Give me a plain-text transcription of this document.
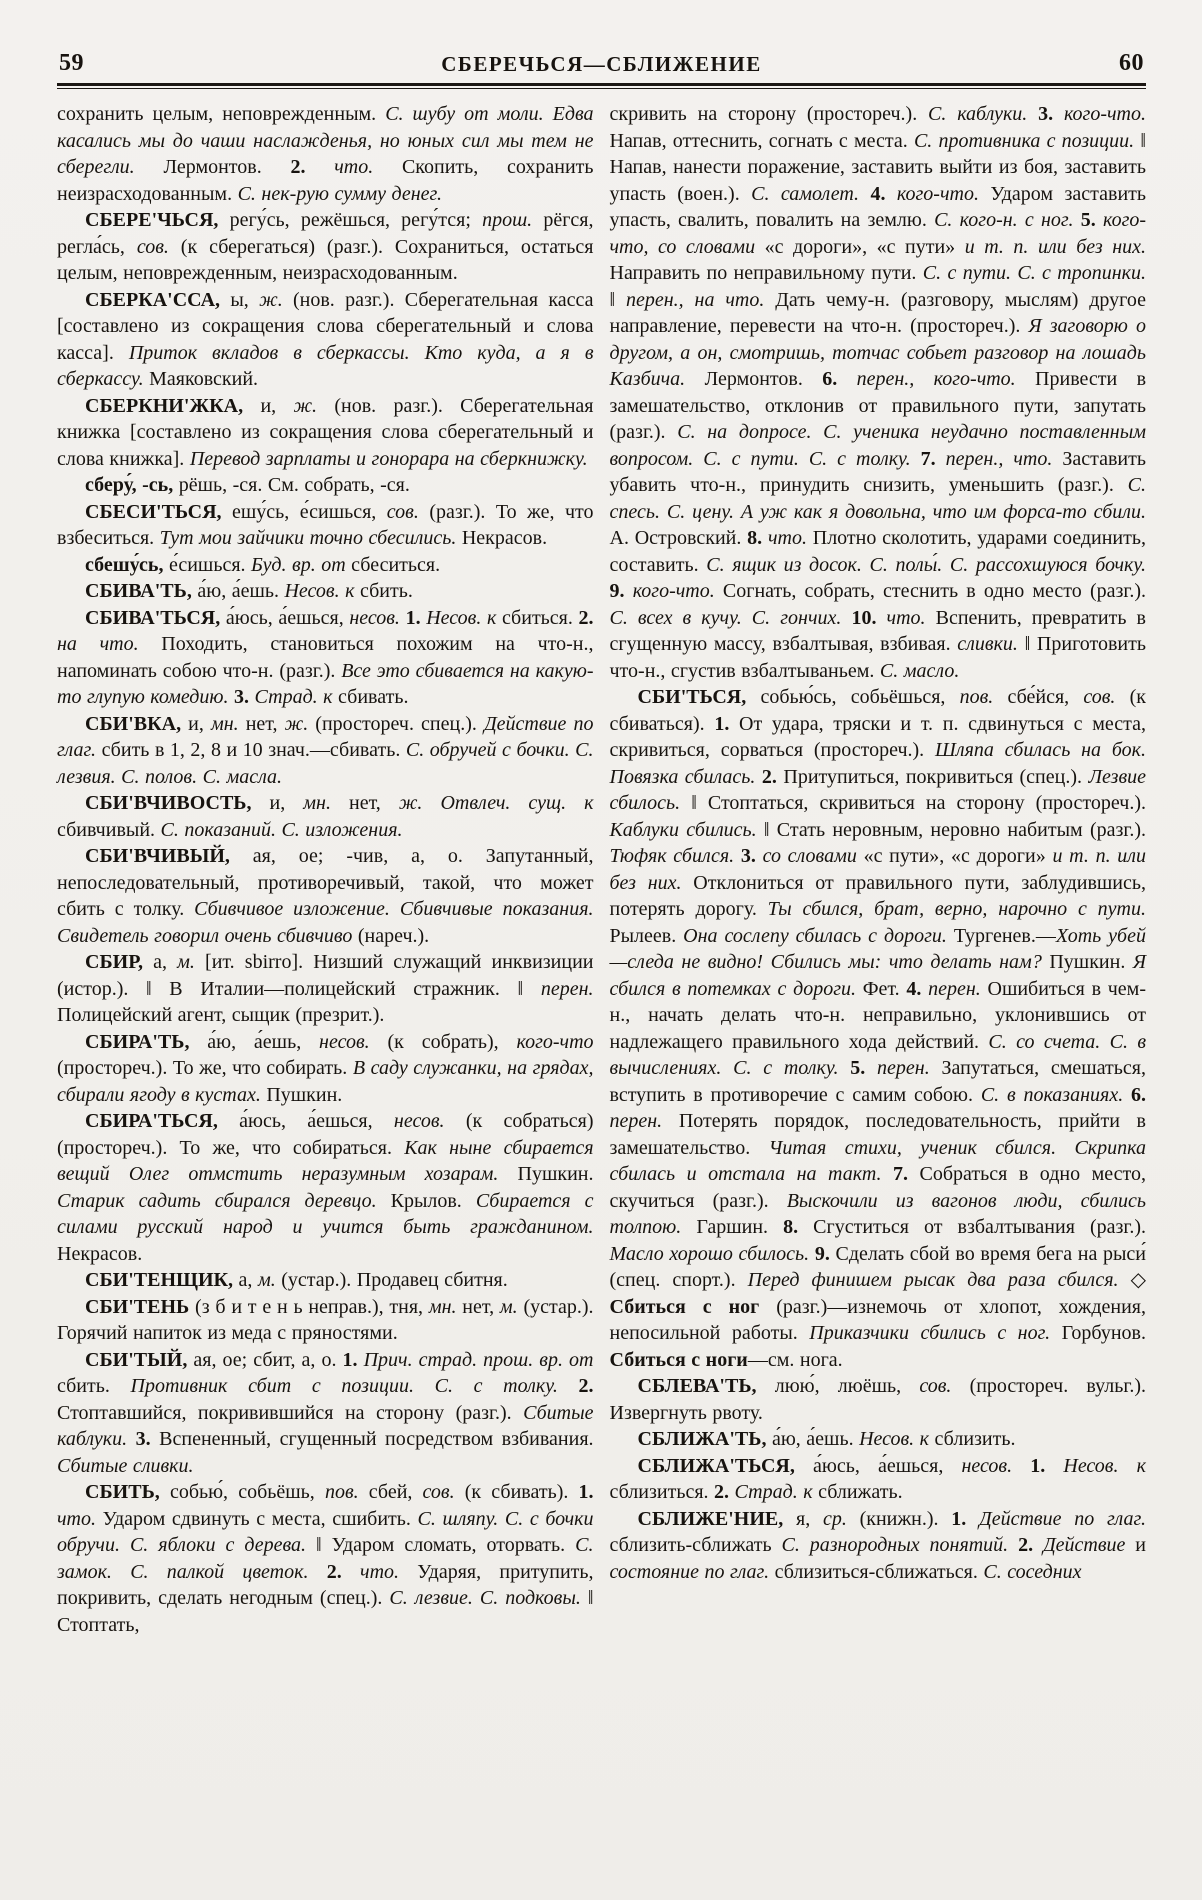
59	СБЕРЕЧЬСЯ—СБЛИЖЕНИЕ	60

сохранить целым, неповрежденным. С. шубу от моли. Едва касались мы до чаши наслажденья, но юных сил мы тем не сберегли. Лермонтов. 2. что. Скопить, сохранить неизрасходованным. С. нек-рую сумму денег.

СБЕРЕ'ЧЬСЯ, регу́сь, режёшься, регу́тся; прош. рёгся, регла́сь, сов. (к сберегаться) (разг.). Сохраниться, остаться целым, неповрежденным, неизрасходованным.

СБЕРКА'ССА, ы, ж. (нов. разг.). Сберегательная касса [составлено из сокращения слова сберегательный и слова касса]. Приток вкладов в сберкассы. Кто куда, а я в сберкассу. Маяковский.

СБЕРКНИ'ЖКА, и, ж. (нов. разг.). Сберегательная книжка [составлено из сокращения слова сберегательный и слова книжка]. Перевод зарплаты и гонорара на сберкнижку.

сберу́, -сь, рёшь, -ся. См. собрать, -ся.

СБЕСИ'ТЬСЯ, ешу́сь, е́сишься, сов. (разг.). То же, что взбеситься. Тут мои зайчики точно сбесились. Некрасов.

сбешу́сь, е́сишься. Буд. вр. от сбеситься.

СБИВА'ТЬ, а́ю, а́ешь. Несов. к сбить.

СБИВА'ТЬСЯ, а́юсь, а́ешься, несов. 1. Несов. к сбиться. 2. на что. Походить, становиться похожим на что-н., напоминать собою что-н. (разг.). Все это сбивается на какую-то глупую комедию. 3. Страд. к сбивать.

СБИ'ВКА, и, мн. нет, ж. (простореч. спец.). Действие по глаг. сбить в 1, 2, 8 и 10 знач.—сбивать. С. обручей с бочки. С. лезвия. С. полов. С. масла.

СБИ'ВЧИВОСТЬ, и, мн. нет, ж. Отвлеч. сущ. к сбивчивый. С. показаний. С. изложения.

СБИ'ВЧИВЫЙ, ая, ое; -чив, а, о. Запутанный, непоследовательный, противоречивый, такой, что может сбить с толку. Сбивчивое изложение. Сбивчивые показания. Свидетель говорил очень сбивчиво (нареч.).

СБИР, а, м. [ит. sbirro]. Низший служащий инквизиции (истор.). ‖ В Италии—полицейский стражник. ‖ перен. Полицейский агент, сыщик (презрит.).

СБИРА'ТЬ, а́ю, а́ешь, несов. (к собрать), кого-что (простореч.). То же, что собирать. В саду служанки, на грядах, сбирали ягоду в кустах. Пушкин.

СБИРА'ТЬСЯ, а́юсь, а́ешься, несов. (к собраться) (простореч.). То же, что собираться. Как ныне сбирается вещий Олег отмстить неразумным хозарам. Пушкин. Старик садить сбирался деревцо. Крылов. Сбирается с силами русский народ и учится быть гражданином. Некрасов.

СБИ'ТЕНЩИК, а, м. (устар.). Продавец сбитня.

СБИ'ТЕНЬ (з б и т е н ь неправ.), тня, мн. нет, м. (устар.). Горячий напиток из меда с пряностями.

СБИ'ТЫЙ, ая, ое; сбит, а, о. 1. Прич. страд. прош. вр. от сбить. Противник сбит с позиции. С. с толку. 2. Стоптавшийся, покривившийся на сторону (разг.). Сбитые каблуки. 3. Вспененный, сгущенный посредством взбивания. Сбитые сливки.

СБИТЬ, собью́, собьёшь, пов. сбей, сов. (к сбивать). 1. что. Ударом сдвинуть с места, сшибить. С. шляпу. С. с бочки обручи. С. яблоки с дерева. ‖ Ударом сломать, оторвать. С. замок. С. палкой цветок. 2. что. Ударяя, притупить, покривить, сделать негодным (спец.). С. лезвие. С. подковы. ‖ Стоптать,

скривить на сторону (простореч.). С. каблуки. 3. кого-что. Напав, оттеснить, согнать с места. С. противника с позиции. ‖ Напав, нанести поражение, заставить выйти из боя, заставить упасть (воен.). С. самолет. 4. кого-что. Ударом заставить упасть, свалить, повалить на землю. С. кого-н. с ног. 5. кого-что, со словами «с дороги», «с пути» и т. п. или без них. Направить по неправильному пути. С. с пути. С. с тропинки. ‖ перен., на что. Дать чему-н. (разговору, мыслям) другое направление, перевести на что-н. (простореч.). Я заговорю о другом, а он, смотришь, тотчас собьет разговор на лошадь Казбича. Лермонтов. 6. перен., кого-что. Привести в замешательство, отклонив от правильного пути, запутать (разг.). С. на допросе. С. ученика неудачно поставленным вопросом. С. с пути. С. с толку. 7. перен., что. Заставить убавить что-н., принудить снизить, уменьшить (разг.). С. спесь. С. цену. А уж как я довольна, что им форса-то сбили. А. Островский. 8. что. Плотно сколотить, ударами соединить, составить. С. ящик из досок. С. полы́. С. рассохшуюся бочку. 9. кого-что. Согнать, собрать, стеснить в одно место (разг.). С. всех в кучу. С. гончих. 10. что. Вспенить, превратить в сгущенную массу, взбалтывая, взбивая. сливки. ‖ Приготовить что-н., сгустив взбалтываньем. С. масло.

СБИ'ТЬСЯ, собью́сь, собьёшься, пов. сбе́йся, сов. (к сбиваться). 1. От удара, тряски и т. п. сдвинуться с места, скривиться, сорваться (простореч.). Шляпа сбилась на бок. Повязка сбилась. 2. Притупиться, покривиться (спец.). Лезвие сбилось. ‖ Стоптаться, скривиться на сторону (простореч.). Каблуки сбились. ‖ Стать неровным, неровно набитым (разг.). Тюфяк сбился. 3. со словами «с пути», «с дороги» и т. п. или без них. Отклониться от правильного пути, заблудившись, потерять дорогу. Ты сбился, брат, верно, нарочно с пути. Рылеев. Она сослепу сбилась с дороги. Тургенев.—Хоть убей—следа не видно! Сбились мы: что делать нам? Пушкин. Я сбился в потемках с дороги. Фет. 4. перен. Ошибиться в чем-н., начать делать что-н. неправильно, уклонившись от надлежащего правильного хода действий. С. со счета. С. в вычислениях. С. с толку. 5. перен. Запутаться, смешаться, вступить в противоречие с самим собою. С. в показаниях. 6. перен. Потерять порядок, последовательность, прийти в замешательство. Читая стихи, ученик сбился. Скрипка сбилась и отстала на такт. 7. Собраться в одно место, скучиться (разг.). Выскочили из вагонов люди, сбились толпою. Гаршин. 8. Сгуститься от взбалтывания (разг.). Масло хорошо сбилось. 9. Сделать сбой во время бега на рыси́ (спец. спорт.). Перед финишем рысак два раза сбился. ◇ Сбиться с ног (разг.)—изнемочь от хлопот, хождения, непосильной работы. Приказчики сбились с ног. Горбунов. Сбиться с ноги—см. нога.

СБЛЕВА'ТЬ, люю́, люёшь, сов. (простореч. вульг.). Извергнуть рвоту.

СБЛИЖА'ТЬ, а́ю, а́ешь. Несов. к сблизить.

СБЛИЖА'ТЬСЯ, а́юсь, а́ешься, несов. 1. Несов. к сблизиться. 2. Страд. к сближать.

СБЛИЖЕ'НИЕ, я, ср. (книжн.). 1. Действие по глаг. сблизить-сближать С. разнородных понятий. 2. Действие и состояние по глаг. сблизиться-сближаться. С. соседних
